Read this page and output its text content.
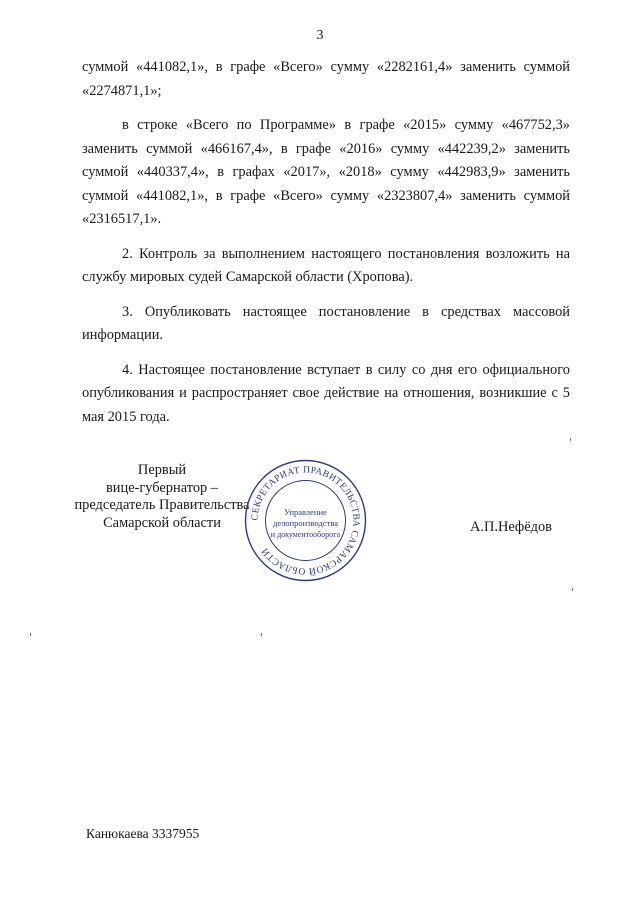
3

суммой «441082,1», в графе «Всего» сумму «2282161,4» заменить суммой «2274871,1»;

в строке «Всего по Программе» в графе «2015» сумму «467752,3» заменить суммой «466167,4», в графе «2016» сумму «442239,2» заменить суммой «440337,4», в графах «2017», «2018» сумму «442983,9» заменить суммой «441082,1», в графе «Всего» сумму «2323807,4» заменить суммой «2316517,1».

2. Контроль за выполнением настоящего постановления возложить на службу мировых судей Самарской области (Хропова).

3. Опубликовать настоящее постановление в средствах массовой информации.

4. Настоящее постановление вступает в силу со дня его официального опубликования и распространяет свое действие на отношения, возникшие с 5 мая 2015 года.

Первый
вице-губернатор –
председатель Правительства
Самарской области	А.П.Нефёдов
СЕКРЕТАРИАТ ПРАВИТЕЛЬСТВА САМАРСКОЙ ОБЛАСТИ
Управление
делопроизводства
и документооборота
Канюкаева 3337955
